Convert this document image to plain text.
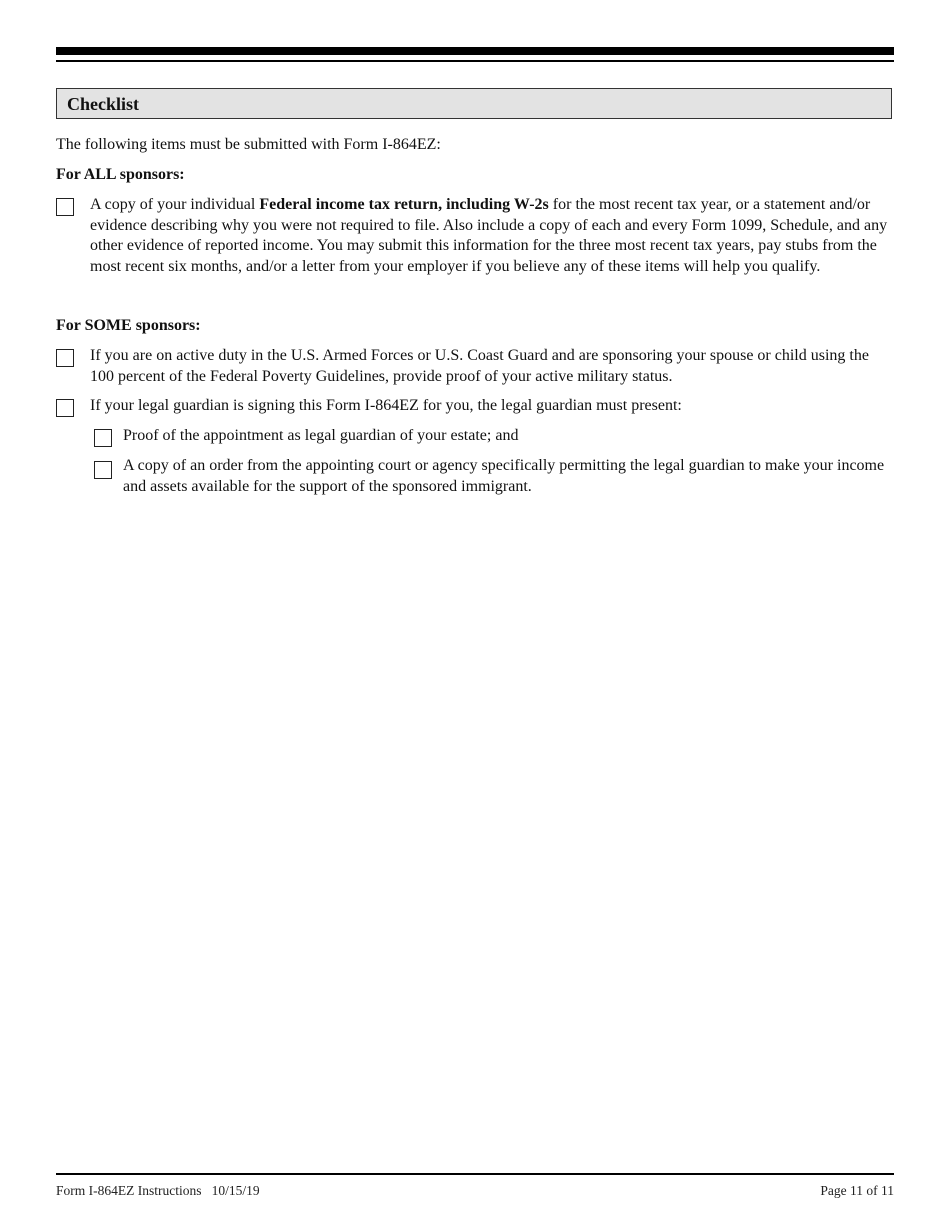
Checklist
The following items must be submitted with Form I-864EZ:
For ALL sponsors:
A copy of your individual Federal income tax return, including W-2s for the most recent tax year, or a statement and/or evidence describing why you were not required to file. Also include a copy of each and every Form 1099, Schedule, and any other evidence of reported income. You may submit this information for the three most recent tax years, pay stubs from the most recent six months, and/or a letter from your employer if you believe any of these items will help you qualify.
For SOME sponsors:
If you are on active duty in the U.S. Armed Forces or U.S. Coast Guard and are sponsoring your spouse or child using the 100 percent of the Federal Poverty Guidelines, provide proof of your active military status.
If your legal guardian is signing this Form I-864EZ for you, the legal guardian must present:
Proof of the appointment as legal guardian of your estate; and
A copy of an order from the appointing court or agency specifically permitting the legal guardian to make your income and assets available for the support of the sponsored immigrant.
Form I-864EZ Instructions   10/15/19	Page 11 of 11
